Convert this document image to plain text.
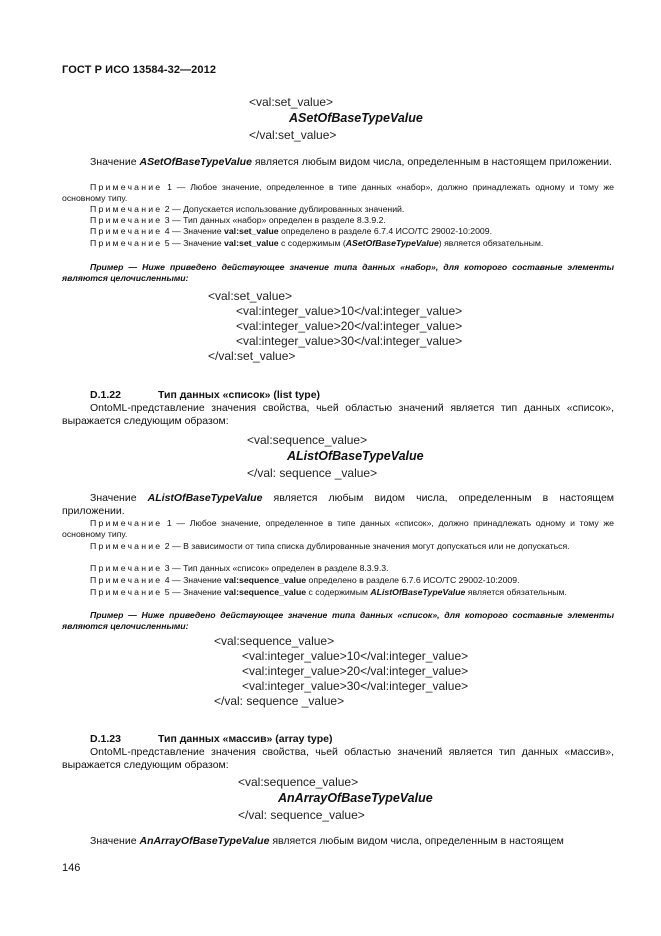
ГОСТ Р ИСО 13584-32—2012
<val:set_value>
ASetOfBaseTypeValue
</val:set_value>
Значение ASetOfBaseTypeValue является любым видом числа, определенным в настоящем приложении.
Примечание 1 — Любое значение, определенное в типе данных «набор», должно принадлежать одному и тому же основному типу.
Примечание 2 — Допускается использование дублированных значений.
Примечание 3 — Тип данных «набор» определен в разделе 8.3.9.2.
Примечание 4 — Значение val:set_value определено в разделе 6.7.4 ИСО/ТС 29002-10:2009.
Примечание 5 — Значение val:set_value с содержимым (ASetOfBaseTypeValue) является обязательным.
Пример — Ниже приведено действующее значение типа данных «набор», для которого составные элементы являются целочисленными:
<val:set_value>
<val:integer_value>10</val:integer_value>
<val:integer_value>20</val:integer_value>
<val:integer_value>30</val:integer_value>
</val:set_value>
D.1.22	Тип данных «список» (list type)
OntoML-представление значения свойства, чьей областью значений является тип данных «список», выражается следующим образом:
<val:sequence_value>
AListOfBaseTypeValue
</val: sequence _value>
Значение AListOfBaseTypeValue является любым видом числа, определенным в настоящем приложении.
Примечание 1 — Любое значение, определенное в типе данных «список», должно принадлежать одному и тому же основному типу.
Примечание 2 — В зависимости от типа списка дублированные значения могут допускаться или не допускаться.
Примечание 3 — Тип данных «список» определен в разделе 8.3.9.3.
Примечание 4 — Значение val:sequence_value определено в разделе 6.7.6 ИСО/ТС 29002-10:2009.
Примечание 5 — Значение val:sequence_value с содержимым AListOfBaseTypeValue является обязательным.
Пример — Ниже приведено действующее значение типа данных «список», для которого составные элементы являются целочисленными:
<val:sequence_value>
<val:integer_value>10</val:integer_value>
<val:integer_value>20</val:integer_value>
<val:integer_value>30</val:integer_value>
</val: sequence _value>
D.1.23	Тип данных «массив» (array type)
OntoML-представление значения свойства, чьей областью значений является тип данных «массив», выражается следующим образом:
<val:sequence_value>
AnArrayOfBaseTypeValue
</val: sequence_value>
Значение AnArrayOfBaseTypeValue является любым видом числа, определенным в настоящем
146
